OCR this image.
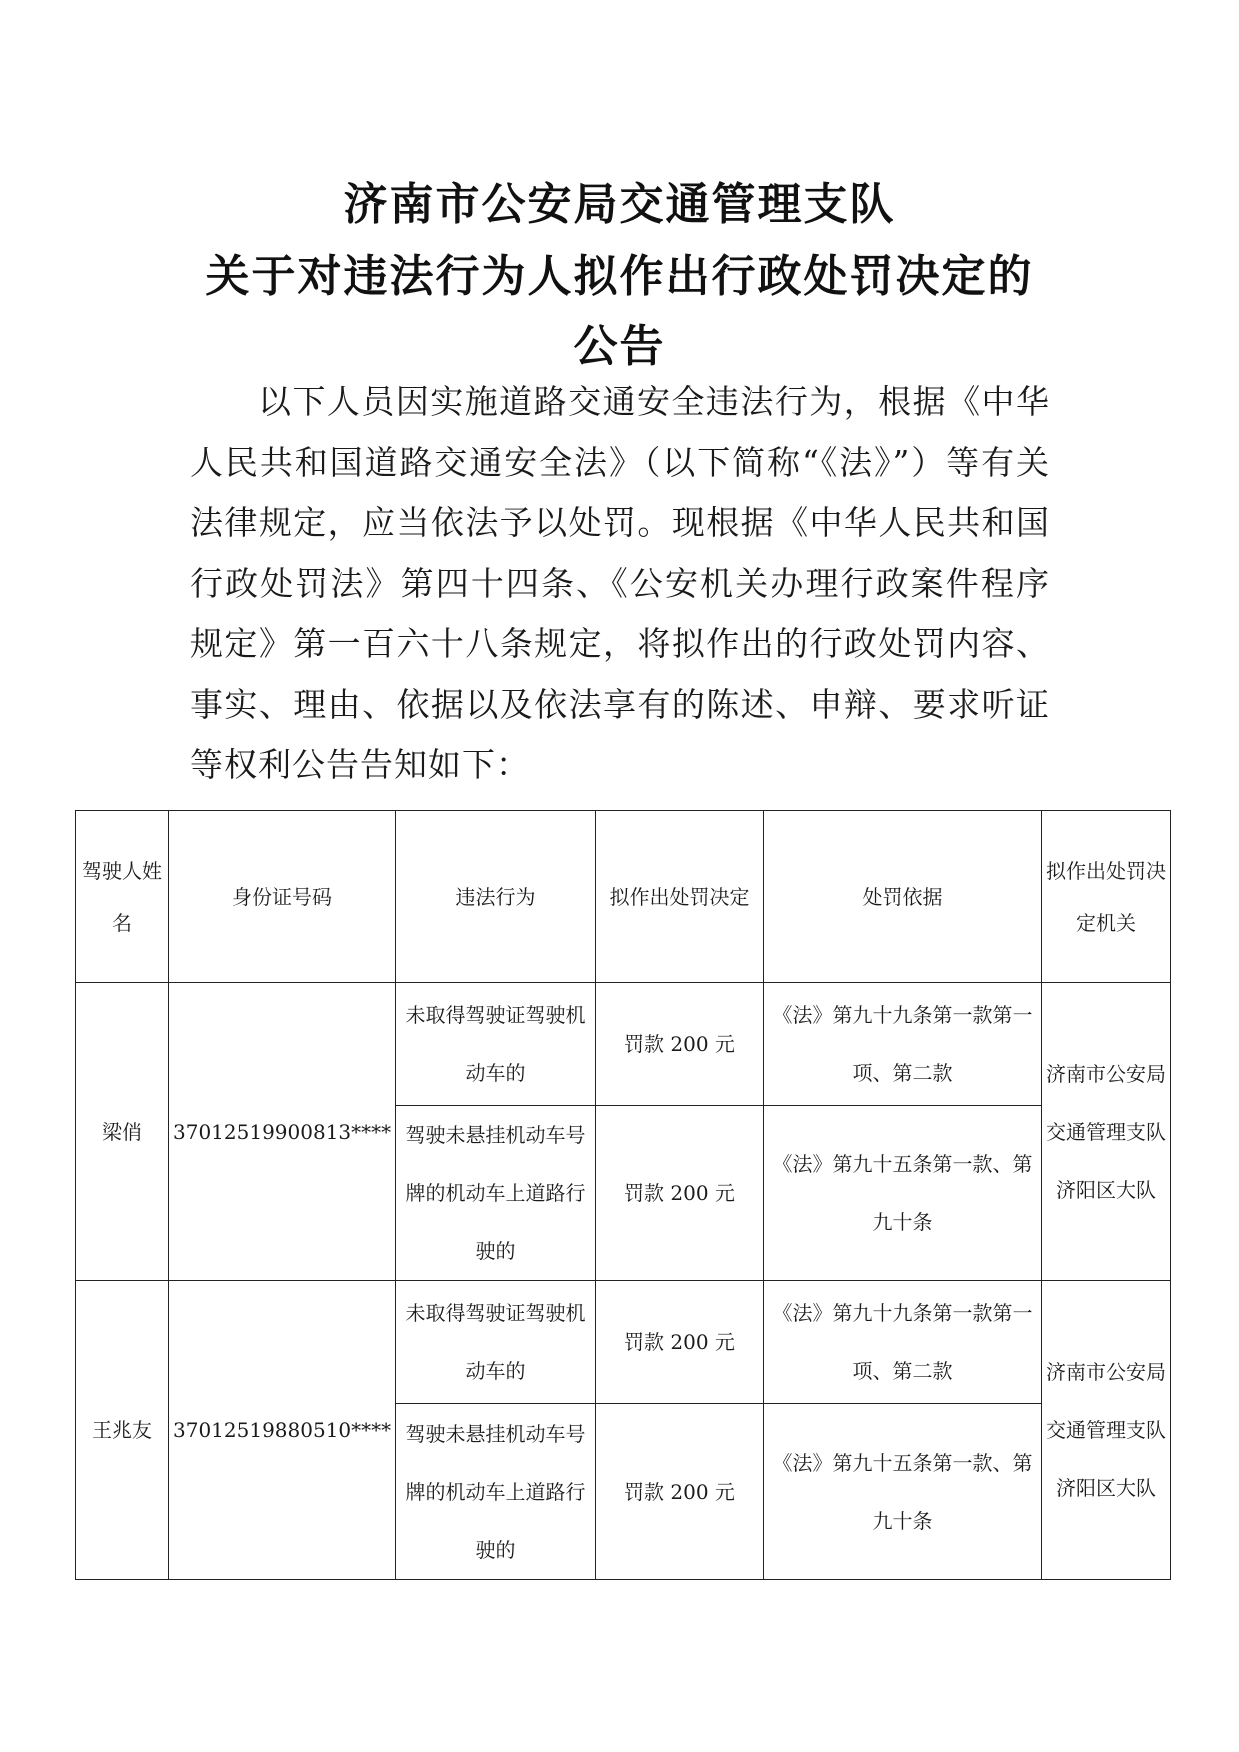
济南市公安局交通管理支队
关于对违法行为人拟作出行政处罚决定的
公告
以下人员因实施道路交通安全违法行为，根据《中华人民共和国道路交通安全法》（以下简称“《法》”）等有关法律规定，应当依法予以处罚。现根据《中华人民共和国行政处罚法》第四十四条、《公安机关办理行政案件程序规定》第一百六十八条规定，将拟作出的行政处罚内容、事实、理由、依据以及依法享有的陈述、申辩、要求听证等权利公告告知如下：
驾驶人姓名	身份证号码	违法行为	拟作出处罚决定	处罚依据	拟作出处罚决定机关
梁俏	37012519900813****	未取得驾驶证驾驶机动车的	罚款 200 元	《法》第九十九条第一款第一项、第二款	济南市公安局交通管理支队济阳区大队
		驾驶未悬挂机动车号牌的机动车上道路行驶的	罚款 200 元	《法》第九十五条第一款、第九十条	
王兆友	37012519880510****	未取得驾驶证驾驶机动车的	罚款 200 元	《法》第九十九条第一款第一项、第二款	济南市公安局交通管理支队济阳区大队
		驾驶未悬挂机动车号牌的机动车上道路行驶的	罚款 200 元	《法》第九十五条第一款、第九十条	
